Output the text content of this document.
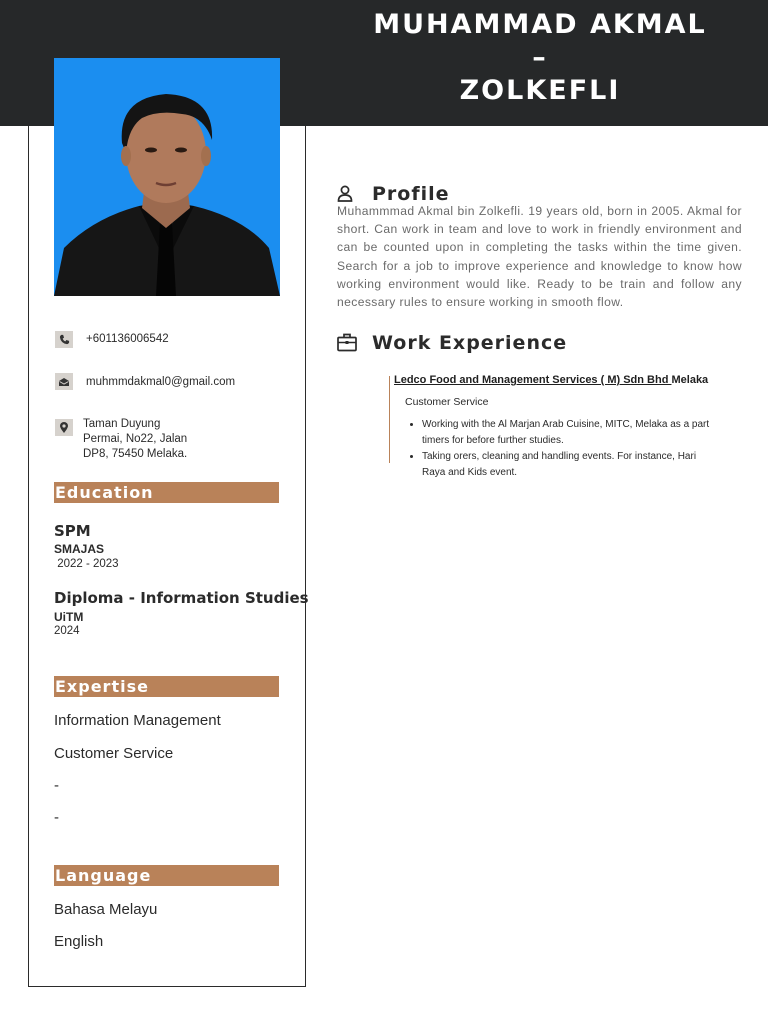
MUHAMMAD AKMAL
–
ZOLKEFLI
+601136006542
muhmmdakmal0@gmail.com
Taman Duyung
Permai, No22, Jalan
DP8, 75450 Melaka.
Education
SPM
SMAJAS
2022 - 2023
Diploma - Information Studies
UiTM
2024
Expertise
Information Management
Customer Service
-
-
Language
Bahasa Melayu
English
Profile
Muhammmad Akmal bin Zolkefli. 19 years old, born in 2005. Akmal for short. Can work in team and love to work in friendly environment and can be counted upon in completing the tasks within the time given. Search for a job to improve experience and knowledge to know how working environment would like. Ready to be train and follow any necessary rules to ensure working in smooth flow.
Work Experience
Ledco Food and Management Services ( M) Sdn Bhd Melaka
Customer Service
• Working with the Al Marjan Arab Cuisine, MITC, Melaka as a part timers for before further studies.
• Taking orers, cleaning and handling events. For instance, Hari Raya and Kids event.
